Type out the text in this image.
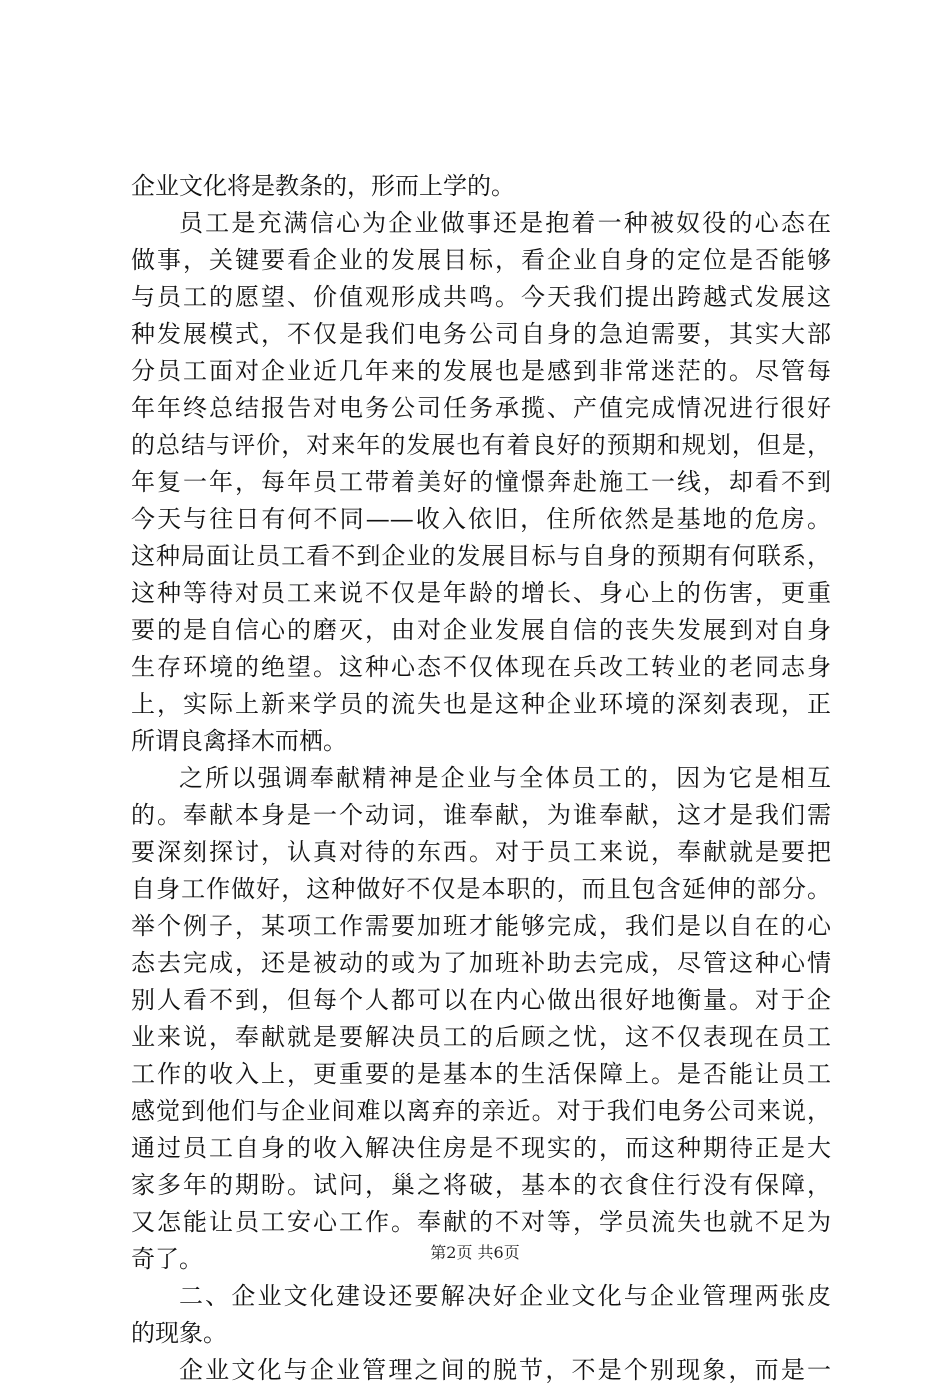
企业文化将是教条的，形而上学的。
员工是充满信心为企业做事还是抱着一种被奴役的心态在
做事，关键要看企业的发展目标，看企业自身的定位是否能够
与员工的愿望、价值观形成共鸣。今天我们提出跨越式发展这
种发展模式，不仅是我们电务公司自身的急迫需要，其实大部
分员工面对企业近几年来的发展也是感到非常迷茫的。尽管每
年年终总结报告对电务公司任务承揽、产值完成情况进行很好
的总结与评价，对来年的发展也有着良好的预期和规划，但是，
年复一年，每年员工带着美好的憧憬奔赴施工一线，却看不到
今天与往日有何不同——收入依旧，住所依然是基地的危房。
这种局面让员工看不到企业的发展目标与自身的预期有何联系，
这种等待对员工来说不仅是年龄的增长、身心上的伤害，更重
要的是自信心的磨灭，由对企业发展自信的丧失发展到对自身
生存环境的绝望。这种心态不仅体现在兵改工转业的老同志身
上，实际上新来学员的流失也是这种企业环境的深刻表现，正
所谓良禽择木而栖。
之所以强调奉献精神是企业与全体员工的，因为它是相互
的。奉献本身是一个动词，谁奉献，为谁奉献，这才是我们需
要深刻探讨，认真对待的东西。对于员工来说，奉献就是要把
自身工作做好，这种做好不仅是本职的，而且包含延伸的部分。
举个例子，某项工作需要加班才能够完成，我们是以自在的心
态去完成，还是被动的或为了加班补助去完成，尽管这种心情
别人看不到，但每个人都可以在内心做出很好地衡量。对于企
业来说，奉献就是要解决员工的后顾之忧，这不仅表现在员工
工作的收入上，更重要的是基本的生活保障上。是否能让员工
感觉到他们与企业间难以离弃的亲近。对于我们电务公司来说，
通过员工自身的收入解决住房是不现实的，而这种期待正是大
家多年的期盼。试问，巢之将破，基本的衣食住行没有保障，
又怎能让员工安心工作。奉献的不对等，学员流失也就不足为
奇了。
二、企业文化建设还要解决好企业文化与企业管理两张皮
的现象。
企业文化与企业管理之间的脱节，不是个别现象，而是一
第2页 共6页
